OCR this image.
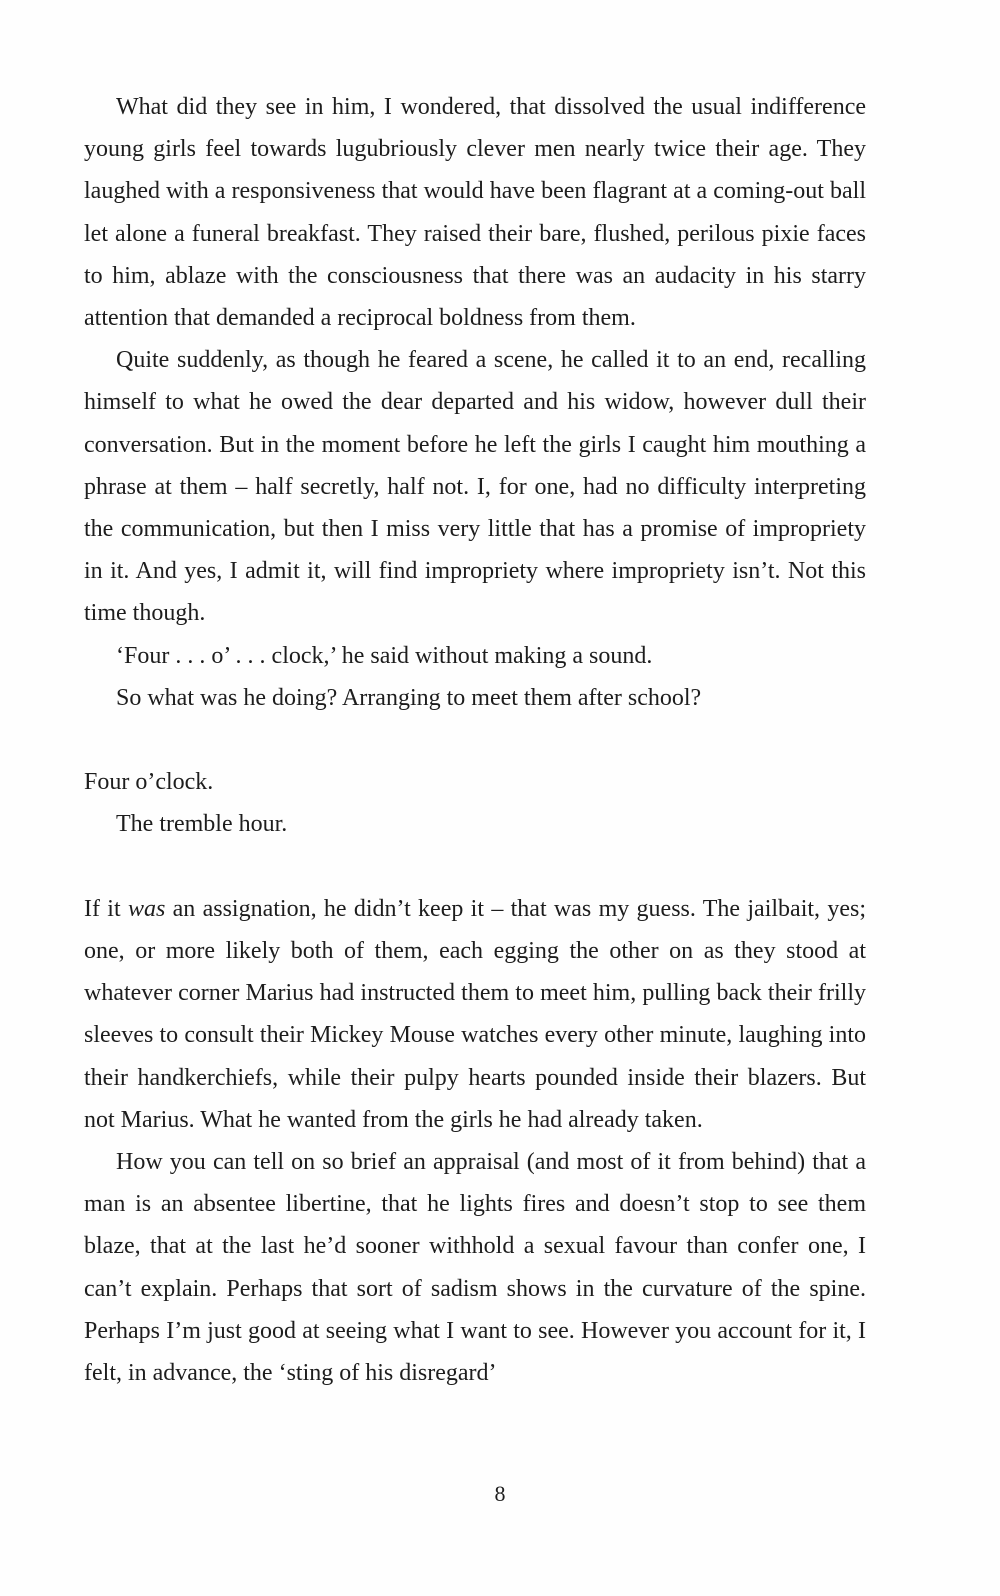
What did they see in him, I wondered, that dissolved the usual indifference young girls feel towards lugubriously clever men nearly twice their age. They laughed with a responsiveness that would have been flagrant at a coming-out ball let alone a funeral breakfast. They raised their bare, flushed, perilous pixie faces to him, ablaze with the consciousness that there was an audacity in his starry attention that demanded a reciprocal boldness from them.

Quite suddenly, as though he feared a scene, he called it to an end, recalling himself to what he owed the dear departed and his widow, however dull their conversation. But in the moment before he left the girls I caught him mouthing a phrase at them – half secretly, half not. I, for one, had no difficulty interpreting the communication, but then I miss very little that has a promise of impropriety in it. And yes, I admit it, will find impropriety where impropriety isn’t. Not this time though.

‘Four . . . o’ . . . clock,’ he said without making a sound.

So what was he doing? Arranging to meet them after school?

Four o’clock.

The tremble hour.

If it was an assignation, he didn’t keep it – that was my guess. The jailbait, yes; one, or more likely both of them, each egging the other on as they stood at whatever corner Marius had instructed them to meet him, pulling back their frilly sleeves to consult their Mickey Mouse watches every other minute, laughing into their handkerchiefs, while their pulpy hearts pounded inside their blazers. But not Marius. What he wanted from the girls he had already taken.

How you can tell on so brief an appraisal (and most of it from behind) that a man is an absentee libertine, that he lights fires and doesn’t stop to see them blaze, that at the last he’d sooner withhold a sexual favour than confer one, I can’t explain. Perhaps that sort of sadism shows in the curvature of the spine. Perhaps I’m just good at seeing what I want to see. However you account for it, I felt, in advance, the ‘sting of his disregard’

8
